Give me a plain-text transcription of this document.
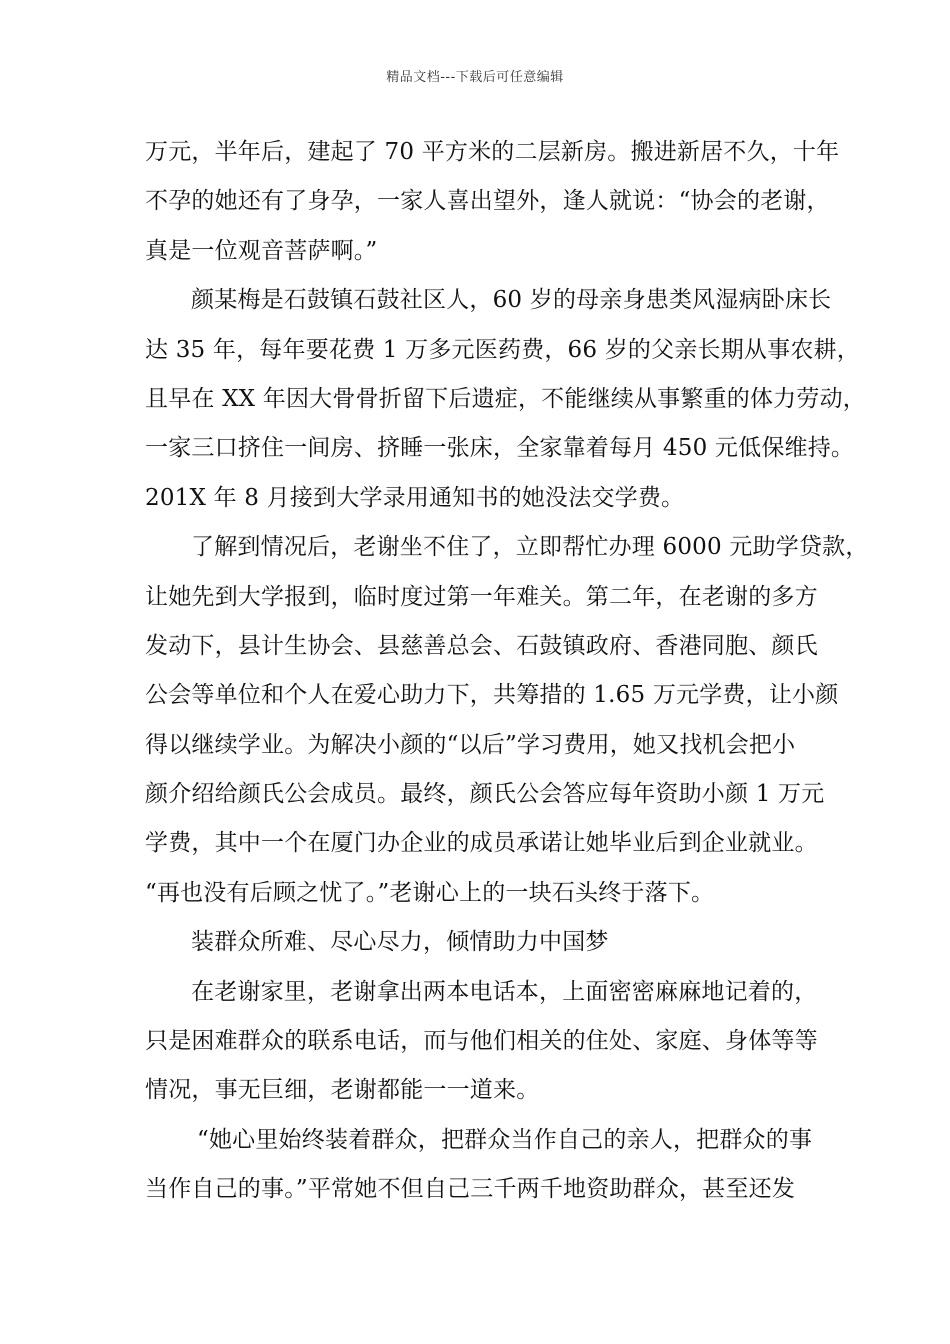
精品文档---下载后可任意编辑
万元，半年后，建起了 70 平方米的二层新房。搬进新居不久，十年
不孕的她还有了身孕，一家人喜出望外，逢人就说：“协会的老谢，
真是一位观音菩萨啊。”
颜某梅是石鼓镇石鼓社区人，60 岁的母亲身患类风湿病卧床长
达 35 年，每年要花费 1 万多元医药费，66 岁的父亲长期从事农耕，
且早在 XX 年因大骨骨折留下后遗症，不能继续从事繁重的体力劳动，
一家三口挤住一间房、挤睡一张床，全家靠着每月 450 元低保维持。
201X 年 8 月接到大学录用通知书的她没法交学费。
了解到情况后，老谢坐不住了，立即帮忙办理 6000 元助学贷款，
让她先到大学报到，临时度过第一年难关。第二年，在老谢的多方
发动下，县计生协会、县慈善总会、石鼓镇政府、香港同胞、颜氏
公会等单位和个人在爱心助力下，共筹措的 1.65 万元学费，让小颜
得以继续学业。为解决小颜的“以后”学习费用，她又找机会把小
颜介绍给颜氏公会成员。最终，颜氏公会答应每年资助小颜 1 万元
学费，其中一个在厦门办企业的成员承诺让她毕业后到企业就业。
“再也没有后顾之忧了。”老谢心上的一块石头终于落下。
装群众所难、尽心尽力，倾情助力中国梦
在老谢家里，老谢拿出两本电话本，上面密密麻麻地记着的，
只是困难群众的联系电话，而与他们相关的住处、家庭、身体等等
情况，事无巨细，老谢都能一一道来。
“她心里始终装着群众，把群众当作自己的亲人，把群众的事
当作自己的事。”平常她不但自己三千两千地资助群众，甚至还发
